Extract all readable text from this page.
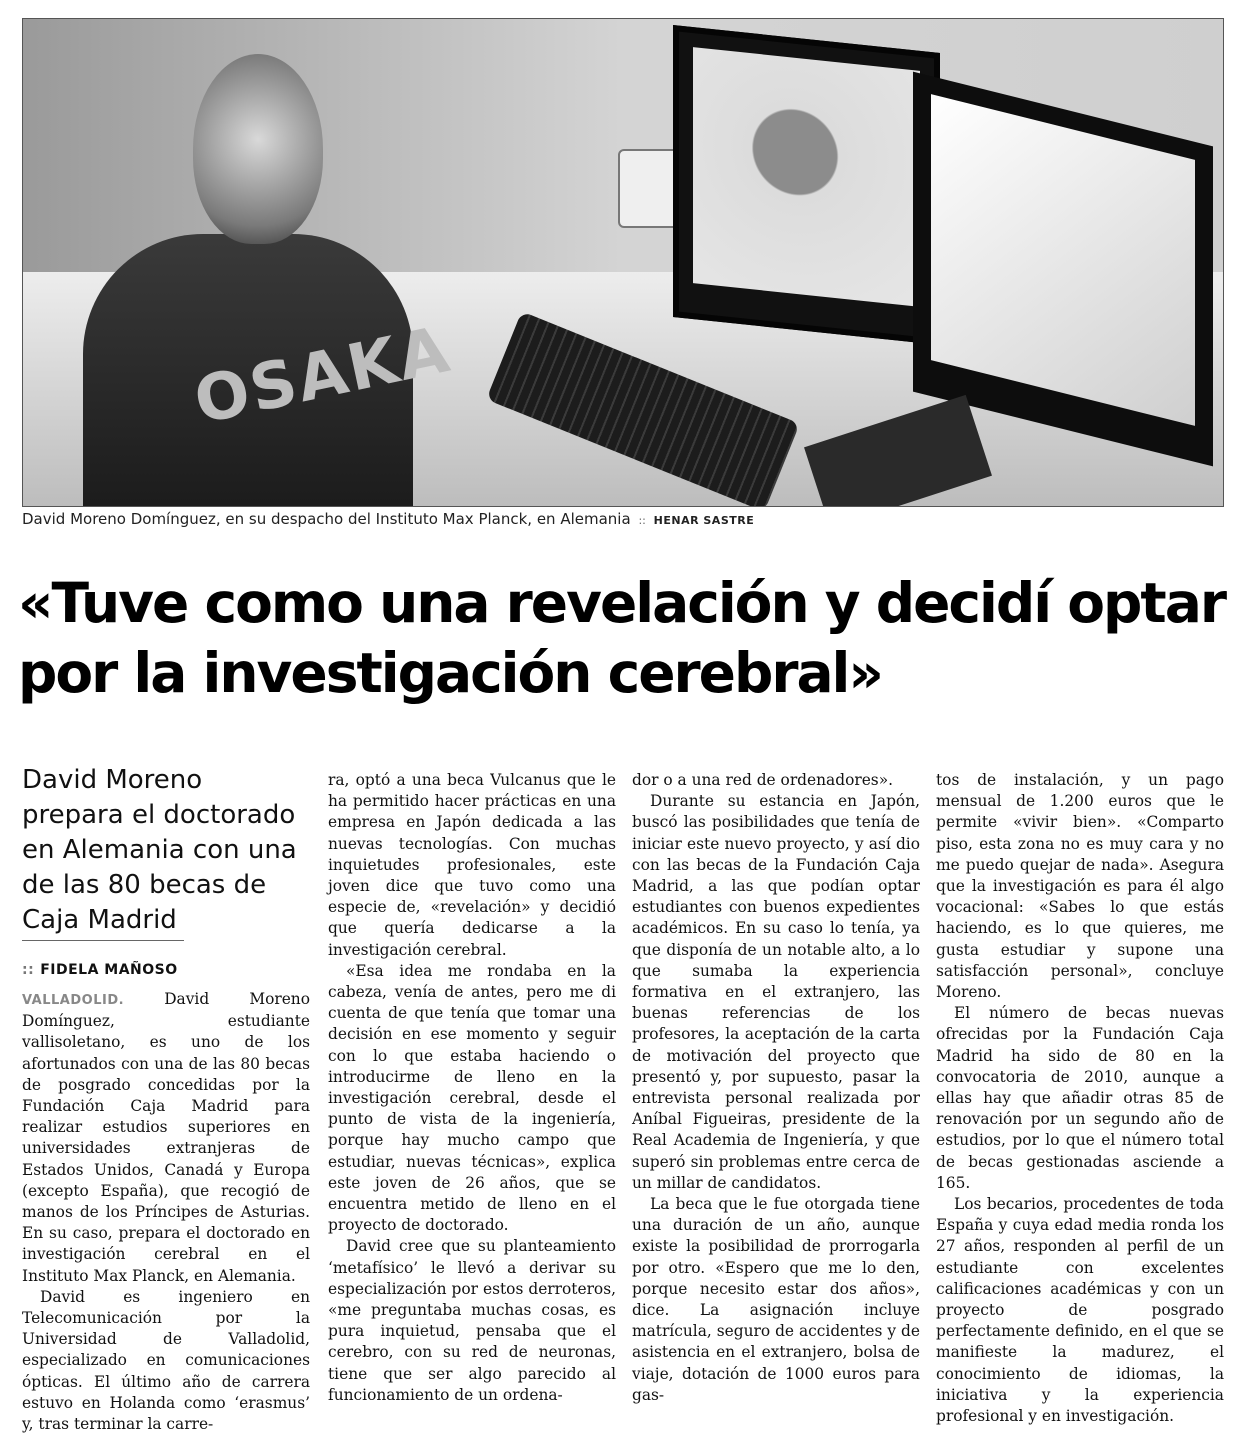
OSAKA
David Moreno Domínguez, en su despacho del Instituto Max Planck, en Alemania :: HENAR SASTRE
«Tuve como una revelación y decidí optar por la investigación cerebral»

David Moreno prepara el doctorado en Alemania con una de las 80 becas de Caja Madrid

:: FIDELA MAÑOSO

VALLADOLID.	David Moreno Domínguez, estudiante vallisoletano, es uno de los afortunados con una de las 80 becas de posgrado concedidas por la Fundación Caja Madrid para realizar estudios superiores en universidades extranjeras de Estados Unidos, Canadá y Europa (excepto España), que recogió de manos de los Príncipes de Asturias. En su caso, prepara el doctorado en investigación cerebral en el Instituto Max Planck, en Alemania.

David es ingeniero en Telecomunicación por la Universidad de Valladolid, especializado en comunicaciones ópticas. El último año de carrera estuvo en Holanda como ‘erasmus’ y, tras terminar la carre-

ra, optó a una beca Vulcanus que le ha permitido hacer prácticas en una empresa en Japón dedicada a las nuevas tecnologías. Con muchas inquietudes profesionales, este joven dice que tuvo como una especie de, «revelación» y decidió que quería dedicarse a la investigación cerebral.

«Esa idea me rondaba en la cabeza, venía de antes, pero me di cuenta de que tenía que tomar una decisión en ese momento y seguir con lo que estaba haciendo o introducirme de lleno en la investigación cerebral, desde el punto de vista de la ingeniería, porque hay mucho campo que estudiar, nuevas técnicas», explica este joven de 26 años, que se encuentra metido de lleno en el proyecto de doctorado.

David cree que su planteamiento ‘metafísico’ le llevó a derivar su especialización por estos derroteros, «me preguntaba muchas cosas, es pura inquietud, pensaba que el cerebro, con su red de neuronas, tiene que ser algo parecido al funcionamiento de un ordena-

dor o a una red de ordenadores».

Durante su estancia en Japón, buscó las posibilidades que tenía de iniciar este nuevo proyecto, y así dio con las becas de la Fundación Caja Madrid, a las que podían optar estudiantes con buenos expedientes académicos. En su caso lo tenía, ya que disponía de un notable alto, a lo que sumaba la experiencia formativa en el extranjero, las buenas referencias de los profesores, la aceptación de la carta de motivación del proyecto que presentó y, por supuesto, pasar la entrevista personal realizada por Aníbal Figueiras, presidente de la Real Academia de Ingeniería, y que superó sin problemas entre cerca de un millar de candidatos.

La beca que le fue otorgada tiene una duración de un año, aunque existe la posibilidad de prorrogarla por otro. «Espero que me lo den, porque necesito estar dos años», dice. La asignación incluye matrícula, seguro de accidentes y de asistencia en el extranjero, bolsa de viaje, dotación de 1000 euros para gas-

tos de instalación, y un pago mensual de 1.200 euros que le permite «vivir bien». «Comparto piso, esta zona no es muy cara y no me puedo quejar de nada». Asegura que la investigación es para él algo vocacional: «Sabes lo que estás haciendo, es lo que quieres, me gusta estudiar y supone una satisfacción personal», concluye Moreno.

El número de becas nuevas ofrecidas por la Fundación Caja Madrid ha sido de 80 en la convocatoria de 2010, aunque a ellas hay que añadir otras 85 de renovación por un segundo año de estudios, por lo que el número total de becas gestionadas asciende a 165.

Los becarios, procedentes de toda España y cuya edad media ronda los 27 años, responden al perfil de un estudiante con excelentes calificaciones académicas y con un proyecto de posgrado perfectamente definido, en el que se manifieste la madurez, el conocimiento de idiomas, la iniciativa y la experiencia profesional y en investigación.
